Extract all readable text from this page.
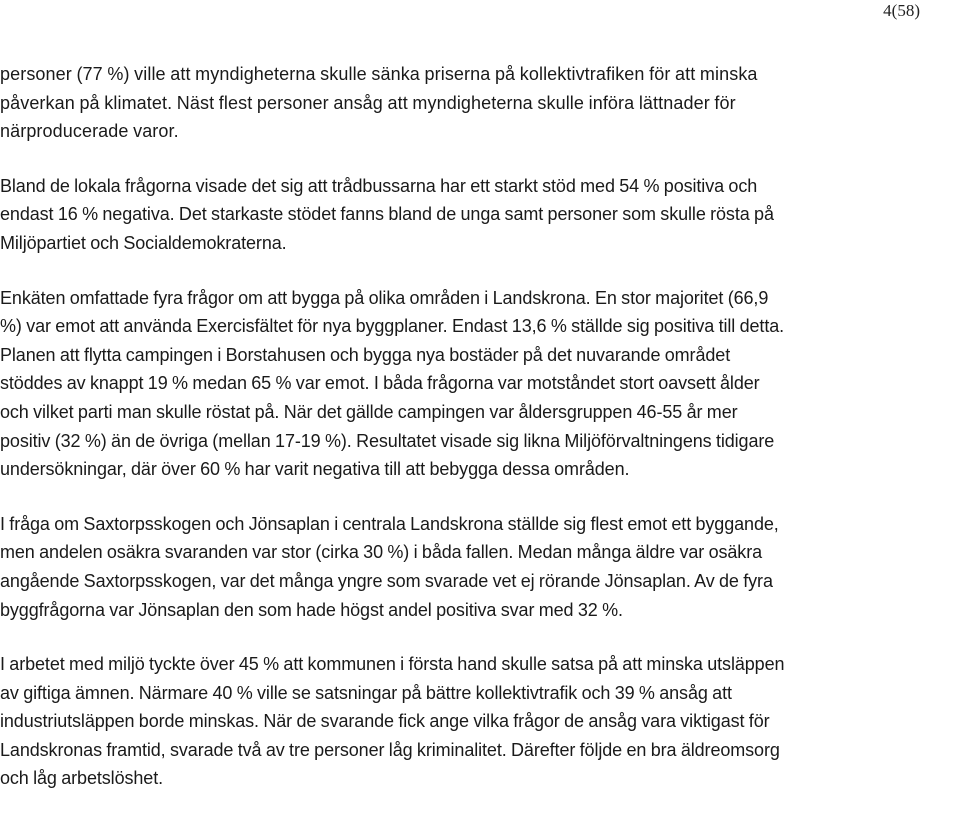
4(58)

personer (77 %) ville att myndigheterna skulle sänka priserna på kollektivtrafiken för att minska
påverkan på klimatet. Näst flest personer ansåg att myndigheterna skulle införa lättnader för
närproducerade varor.

Bland de lokala frågorna visade det sig att trådbussarna har ett starkt stöd med 54 % positiva och
endast 16 % negativa. Det starkaste stödet fanns bland de unga samt personer som skulle rösta på
Miljöpartiet och Socialdemokraterna.

Enkäten omfattade fyra frågor om att bygga på olika områden i Landskrona. En stor majoritet (66,9
%) var emot att använda Exercisfältet för nya byggplaner. Endast 13,6 % ställde sig positiva till detta.
Planen att flytta campingen i Borstahusen och bygga nya bostäder på det nuvarande området
stöddes av knappt 19 % medan 65 % var emot. I båda frågorna var motståndet stort oavsett ålder
och vilket parti man skulle röstat på. När det gällde campingen var åldersgruppen 46-55 år mer
positiv (32 %) än de övriga (mellan 17-19 %). Resultatet visade sig likna Miljöförvaltningens tidigare
undersökningar, där över 60 % har varit negativa till att bebygga dessa områden.

I fråga om Saxtorpsskogen och Jönsaplan i centrala Landskrona ställde sig flest emot ett byggande,
men andelen osäkra svaranden var stor (cirka 30 %) i båda fallen. Medan många äldre var osäkra
angående Saxtorpsskogen, var det många yngre som svarade vet ej rörande Jönsaplan. Av de fyra
byggfrågorna var Jönsaplan den som hade högst andel positiva svar med 32 %.

I arbetet med miljö tyckte över 45 % att kommunen i första hand skulle satsa på att minska utsläppen
av giftiga ämnen. Närmare 40 % ville se satsningar på bättre kollektivtrafik och 39 % ansåg att
industriutsläppen borde minskas. När de svarande fick ange vilka frågor de ansåg vara viktigast för
Landskronas framtid, svarade två av tre personer låg kriminalitet. Därefter följde en bra äldreomsorg
och låg arbetslöshet.
